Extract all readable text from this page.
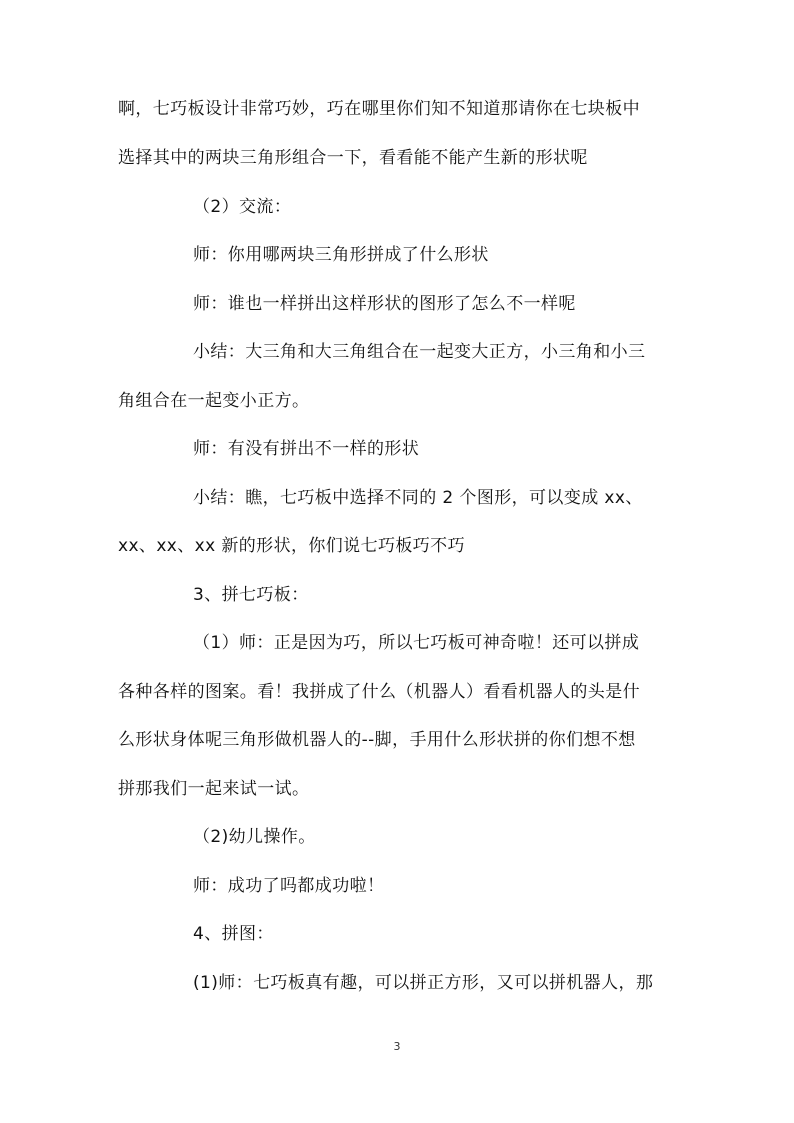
啊，七巧板设计非常巧妙，巧在哪里你们知不知道那请你在七块板中
选择其中的两块三角形组合一下，看看能不能产生新的形状呢
（2）交流：
师：你用哪两块三角形拼成了什么形状
师：谁也一样拼出这样形状的图形了怎么不一样呢
小结：大三角和大三角组合在一起变大正方，小三角和小三
角组合在一起变小正方。
师：有没有拼出不一样的形状
小结：瞧，七巧板中选择不同的 2 个图形，可以变成 xx、
xx、xx、xx 新的形状，你们说七巧板巧不巧
3、拼七巧板：
（1）师：正是因为巧，所以七巧板可神奇啦！还可以拼成
各种各样的图案。看！我拼成了什么（机器人）看看机器人的头是什
么形状身体呢三角形做机器人的--脚，手用什么形状拼的你们想不想
拼那我们一起来试一试。
（2)幼儿操作。
师：成功了吗都成功啦！
4、拼图：
(1)师：七巧板真有趣，可以拼正方形，又可以拼机器人，那
3
